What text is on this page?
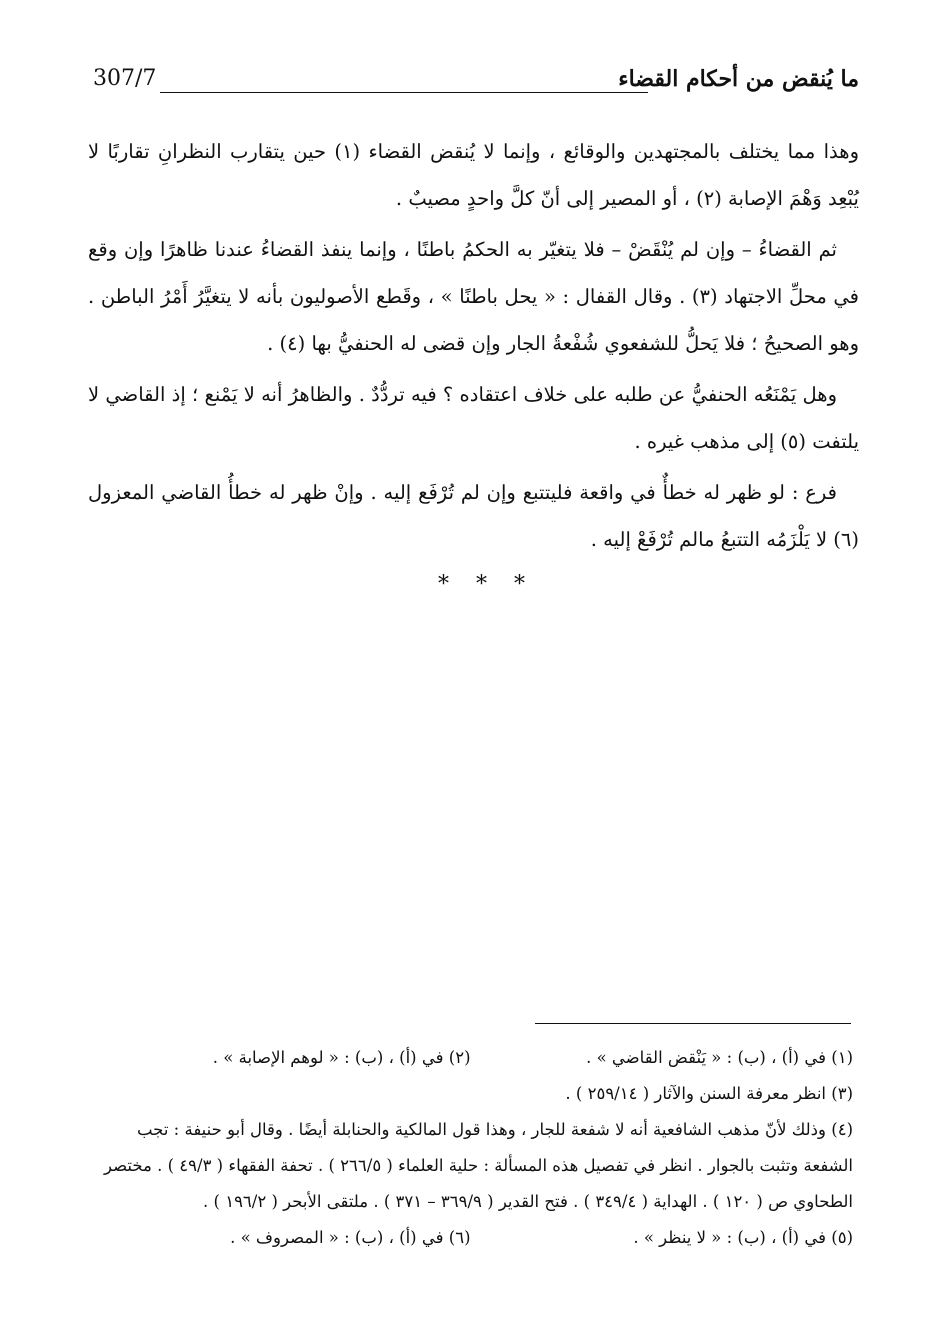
307/7	ما يُنقض من أحكام القضاء

وهذا مما يختلف بالمجتهدين والوقائع ، وإنما لا يُنقض القضاء (١) حين يتقارب النظرانِ تقاربًا لا يُبْعِد وَهْمَ الإصابة (٢) ، أو المصير إلى أنّ كلَّ واحدٍ مصيبٌ .

ثم القضاءُ – وإن لم يُنْقَضْ – فلا يتغيّر به الحكمُ باطنًا ، وإنما ينفذ القضاءُ عندنا ظاهرًا وإن وقع في محلِّ الاجتهاد (٣) . وقال القفال : « يحل باطنًا » ، وقَطع الأصوليون بأنه لا يتغيَّرُ أَمْرُ الباطن . وهو الصحيحُ ؛ فلا يَحلُّ للشفعوي شُفْعةُ الجار وإن قضى له الحنفيُّ بها (٤) .

وهل يَمْنَعُه الحنفيُّ عن طلبه على خلاف اعتقاده ؟ فيه تردُّدٌ . والظاهرُ أنه لا يَمْنع ؛ إذ القاضي لا يلتفت (٥) إلى مذهب غيره .

فرع : لو ظهر له خطأٌ في واقعة فليتتبع وإن لم تُرْفَع إليه . وإنْ ظهر له خطأُ القاضي المعزول (٦) لا يَلْزَمُه التتبعُ مالم تُرْفَعْ إليه .

* * *
(١) في (أ) ، (ب) : « يَنْقض القاضي » .
(٢) في (أ) ، (ب) : « لوهم الإصابة » .
(٣) انظر معرفة السنن والآثار ( ٢٥٩/١٤ ) .
(٤) وذلك لأنّ مذهب الشافعية أنه لا شفعة للجار ، وهذا قول المالكية والحنابلة أيضًا . وقال أبو حنيفة : تجب
الشفعة وتثبت بالجوار . انظر في تفصيل هذه المسألة : حلية العلماء ( ٢٦٦/٥ ) . تحفة الفقهاء ( ٤٩/٣ ) . مختصر
الطحاوي ص ( ١٢٠ ) . الهداية ( ٣٤٩/٤ ) . فتح القدير ( ٣٦٩/٩ – ٣٧١ ) . ملتقى الأبحر ( ١٩٦/٢ ) .
(٥) في (أ) ، (ب) : « لا ينظر » .
(٦) في (أ) ، (ب) : « المصروف » .
